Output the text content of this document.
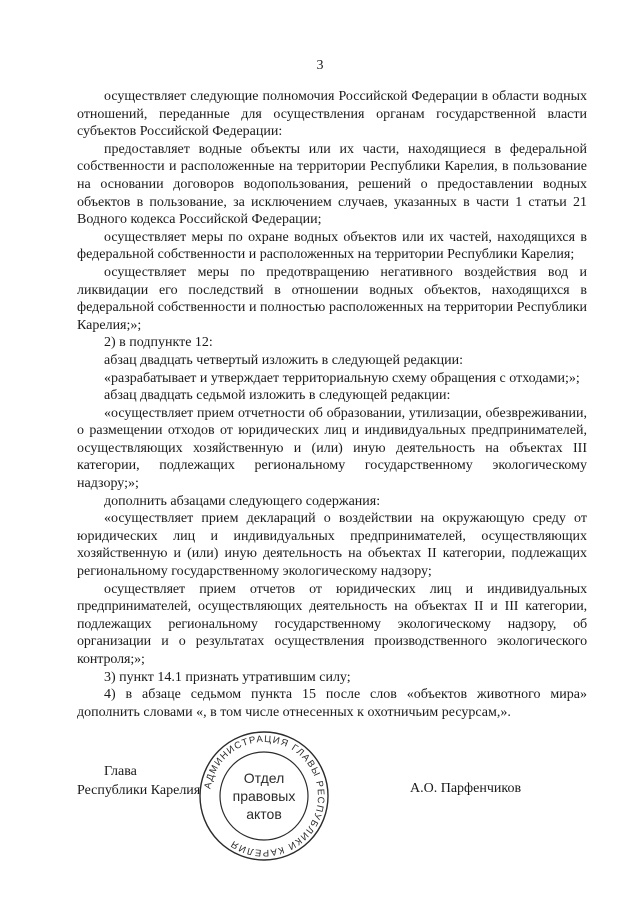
3

осуществляет следующие полномочия Российской Федерации в области водных отношений, переданные для осуществления органам государственной власти субъектов Российской Федерации:

предоставляет водные объекты или их части, находящиеся в федеральной собственности и расположенные на территории Республики Карелия, в пользование на основании договоров водопользования, решений о предоставлении водных объектов в пользование, за исключением случаев, указанных в части 1 статьи 21 Водного кодекса Российской Федерации;

осуществляет меры по охране водных объектов или их частей, находящихся в федеральной собственности и расположенных на территории Республики Карелия;

осуществляет меры по предотвращению негативного воздействия вод и ликвидации его последствий в отношении водных объектов, находящихся в федеральной собственности и полностью расположенных на территории Республики Карелия;»;

2) в подпункте 12:

абзац двадцать четвертый изложить в следующей редакции:

«разрабатывает и утверждает территориальную схему обращения с отходами;»;

абзац двадцать седьмой изложить в следующей редакции:

«осуществляет прием отчетности об образовании, утилизации, обезвреживании, о размещении отходов от юридических лиц и индивидуальных предпринимателей, осуществляющих хозяйственную и (или) иную деятельность на объектах III категории, подлежащих региональному государственному экологическому надзору;»;

дополнить абзацами следующего содержания:

«осуществляет прием деклараций о воздействии на окружающую среду от юридических лиц и индивидуальных предпринимателей, осуществляющих хозяйственную и (или) иную деятельность на объектах II категории, подлежащих региональному государственному экологическому надзору;

осуществляет прием отчетов от юридических лиц и индивидуальных предпринимателей, осуществляющих деятельность на объектах II и III категории, подлежащих региональному государственному экологическому надзору, об организации и о результатах осуществления производственного экологического контроля;»;

3) пункт 14.1 признать утратившим силу;

4) в абзаце седьмом пункта 15 после слов «объектов животного мира» дополнить словами «, в том числе отнесенных к охотничьим ресурсам,».

Глава
Республики Карелия	А.О. Парфенчиков
АДМИНИСТРАЦИЯ ГЛАВЫ РЕСПУБЛИКИ КАРЕЛИЯ
Отдел
правовых
актов
